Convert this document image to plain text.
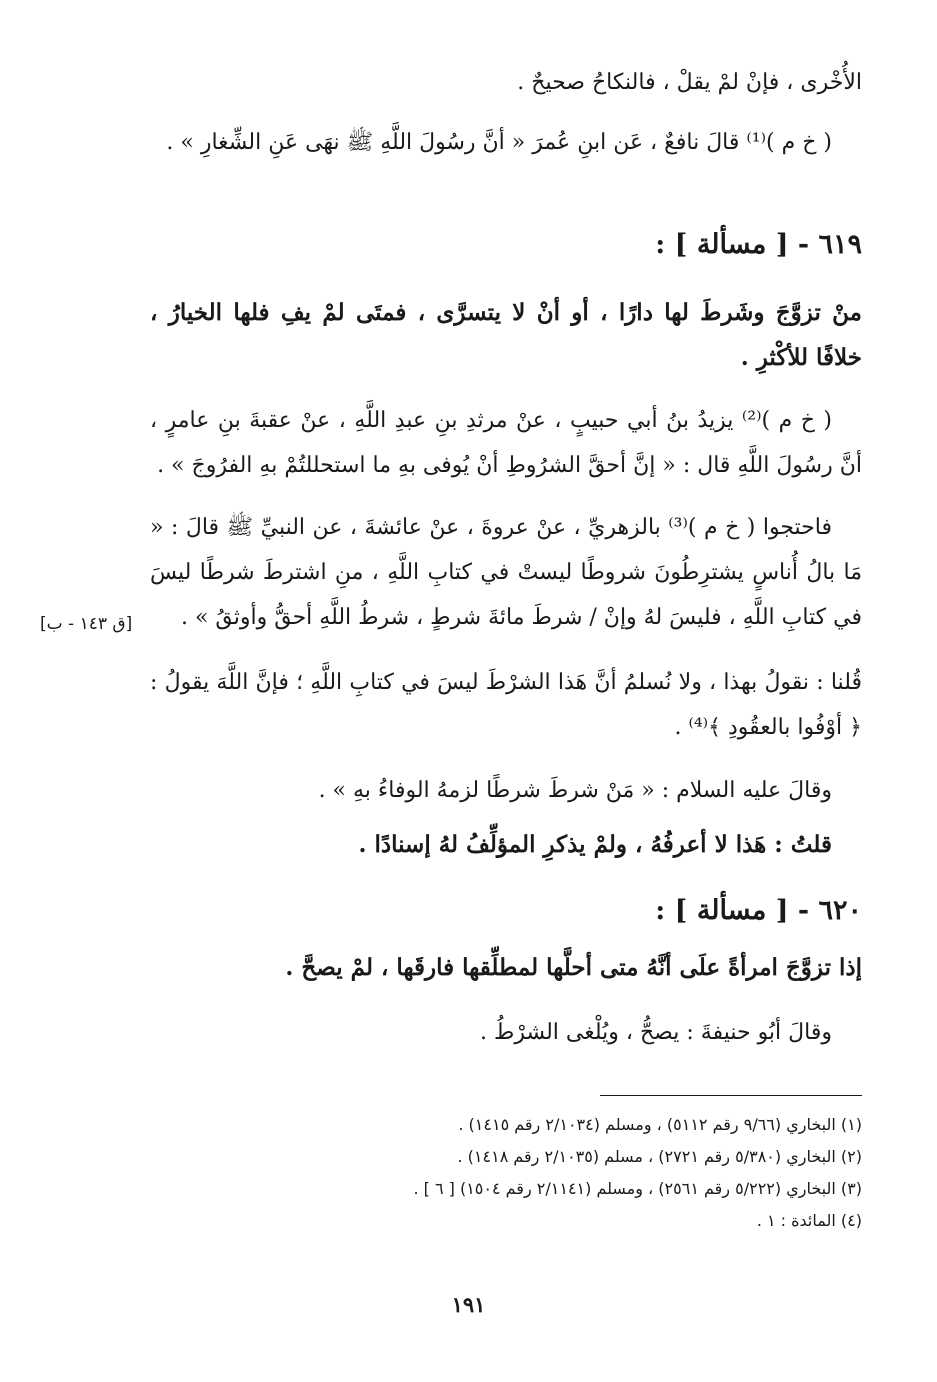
الأُخْرى ، فإنْ لمْ يقلْ ، فالنكاحُ صحيحٌ .
( خ م )⁽¹⁾ قالَ نافعٌ ، عَن ابنِ عُمرَ « أنَّ رسُولَ اللَّهِ ﷺ نهَى عَنِ الشِّغارِ » .
٦١٩ - [ مسألة ] :
منْ تزوَّجَ وشَرطَ لها دارًا ، أو أنْ لا يتسرَّى ، فمتَى لمْ يفِ فلها الخيارُ ، خلافًا للأكْثرِ .
( خ م )⁽²⁾ يزيدُ بنُ أبي حبيبٍ ، عنْ مرثدِ بنِ عبدِ اللَّهِ ، عنْ عقبةَ بنِ عامرٍ ، أنَّ رسُولَ اللَّهِ قال : « إنَّ أحقَّ الشرُوطِ أنْ يُوفى بهِ ما استحللتُمْ بهِ الفرُوجَ » .
فاحتجوا ( خ م )⁽³⁾ بالزهريِّ ، عنْ عروةَ ، عنْ عائشةَ ، عن النبيِّ ﷺ قالَ : « مَا بالُ أُناسٍ يشترِطُونَ شروطًا ليستْ في كتابِ اللَّهِ ، منِ اشترطَ شرطًا ليسَ في كتابِ اللَّهِ ، فليسَ لهُ وإنْ / شرطَ مائةَ شرطٍ ، شرطُ اللَّهِ أحقُّ وأوثقُ » .
[ق ١٤٣ - ب]
قُلنا : نقولُ بهذا ، ولا نُسلمُ أنَّ هَذا الشرْطَ ليسَ في كتابِ اللَّهِ ؛ فإنَّ اللَّهَ يقولُ : ﴿ أوْفُوا بالعقُودِ ﴾⁽⁴⁾ .
وقالَ عليه السلام : « مَنْ شرطَ شرطًا لزمهُ الوفاءُ بهِ » .
قلتُ : هَذا لا أعرفُهُ ، ولمْ يذكرِ المؤلِّفُ لهُ إسنادًا .
٦٢٠ - [ مسألة ] :
إذا تزوَّجَ امرأةً علَى أنَّهُ متى أحلَّها لمطلِّقها فارقَها ، لمْ يصحَّ .
وقالَ أبُو حنيفةَ : يصحُّ ، ويُلْغى الشرْطُ .
(١) البخاري (٩/٦٦ رقم ٥١١٢) ، ومسلم (٢/١٠٣٤ رقم ١٤١٥) .
(٢) البخاري (٥/٣٨٠ رقم ٢٧٢١) ، مسلم (٢/١٠٣٥ رقم ١٤١٨) .
(٣) البخاري (٥/٢٢٢ رقم ٢٥٦١) ، ومسلم (٢/١١٤١ رقم ١٥٠٤) [ ٦ ] .
(٤) المائدة : ١ .
١٩١
